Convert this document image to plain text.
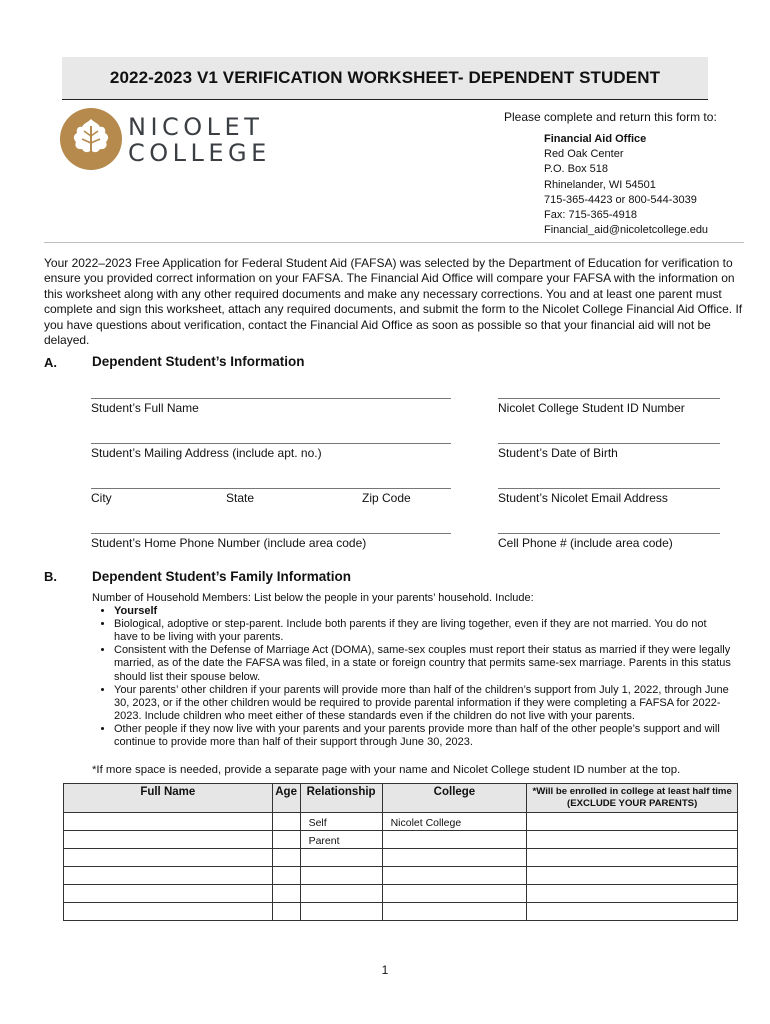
2022-2023 V1 VERIFICATION WORKSHEET- DEPENDENT STUDENT
NICOLET
COLLEGE
Please complete and return this form to:
Financial Aid Office
Red Oak Center
P.O. Box 518
Rhinelander, WI 54501
715-365-4423 or 800-544-3039
Fax: 715-365-4918
Financial_aid@nicoletcollege.edu
Your 2022–2023 Free Application for Federal Student Aid (FAFSA) was selected by the Department of Education for verification to ensure you provided correct information on your FAFSA. The Financial Aid Office will compare your FAFSA with the information on this worksheet along with any other required documents and make any necessary corrections. You and at least one parent must complete and sign this worksheet, attach any required documents, and submit the form to the Nicolet College Financial Aid Office. If you have questions about verification, contact the Financial Aid Office as soon as possible so that your financial aid will not be delayed.
A.	Dependent Student’s Information
Student’s Full Name	Nicolet College Student ID Number
Student’s Mailing Address (include apt. no.)	Student’s Date of Birth
City	State	Zip Code	Student’s Nicolet Email Address
Student’s Home Phone Number (include area code)	Cell Phone # (include area code)
B.	Dependent Student’s Family Information
Number of Household Members: List below the people in your parents’ household. Include:
• Yourself
• Biological, adoptive or step-parent. Include both parents if they are living together, even if they are not married. You do not have to be living with your parents.
• Consistent with the Defense of Marriage Act (DOMA), same-sex couples must report their status as married if they were legally married, as of the date the FAFSA was filed, in a state or foreign country that permits same-sex marriage. Parents in this status should list their spouse below.
• Your parents’ other children if your parents will provide more than half of the children’s support from July 1, 2022, through June 30, 2023, or if the other children would be required to provide parental information if they were completing a FAFSA for 2022-2023. Include children who meet either of these standards even if the children do not live with your parents.
• Other people if they now live with your parents and your parents provide more than half of the other people’s support and will continue to provide more than half of their support through June 30, 2023.
*If more space is needed, provide a separate page with your name and Nicolet College student ID number at the top.
Full Name	Age	Relationship	College	*Will be enrolled in college at least half time
(EXCLUDE YOUR PARENTS)

		Self	Nicolet College	

		Parent		

1
